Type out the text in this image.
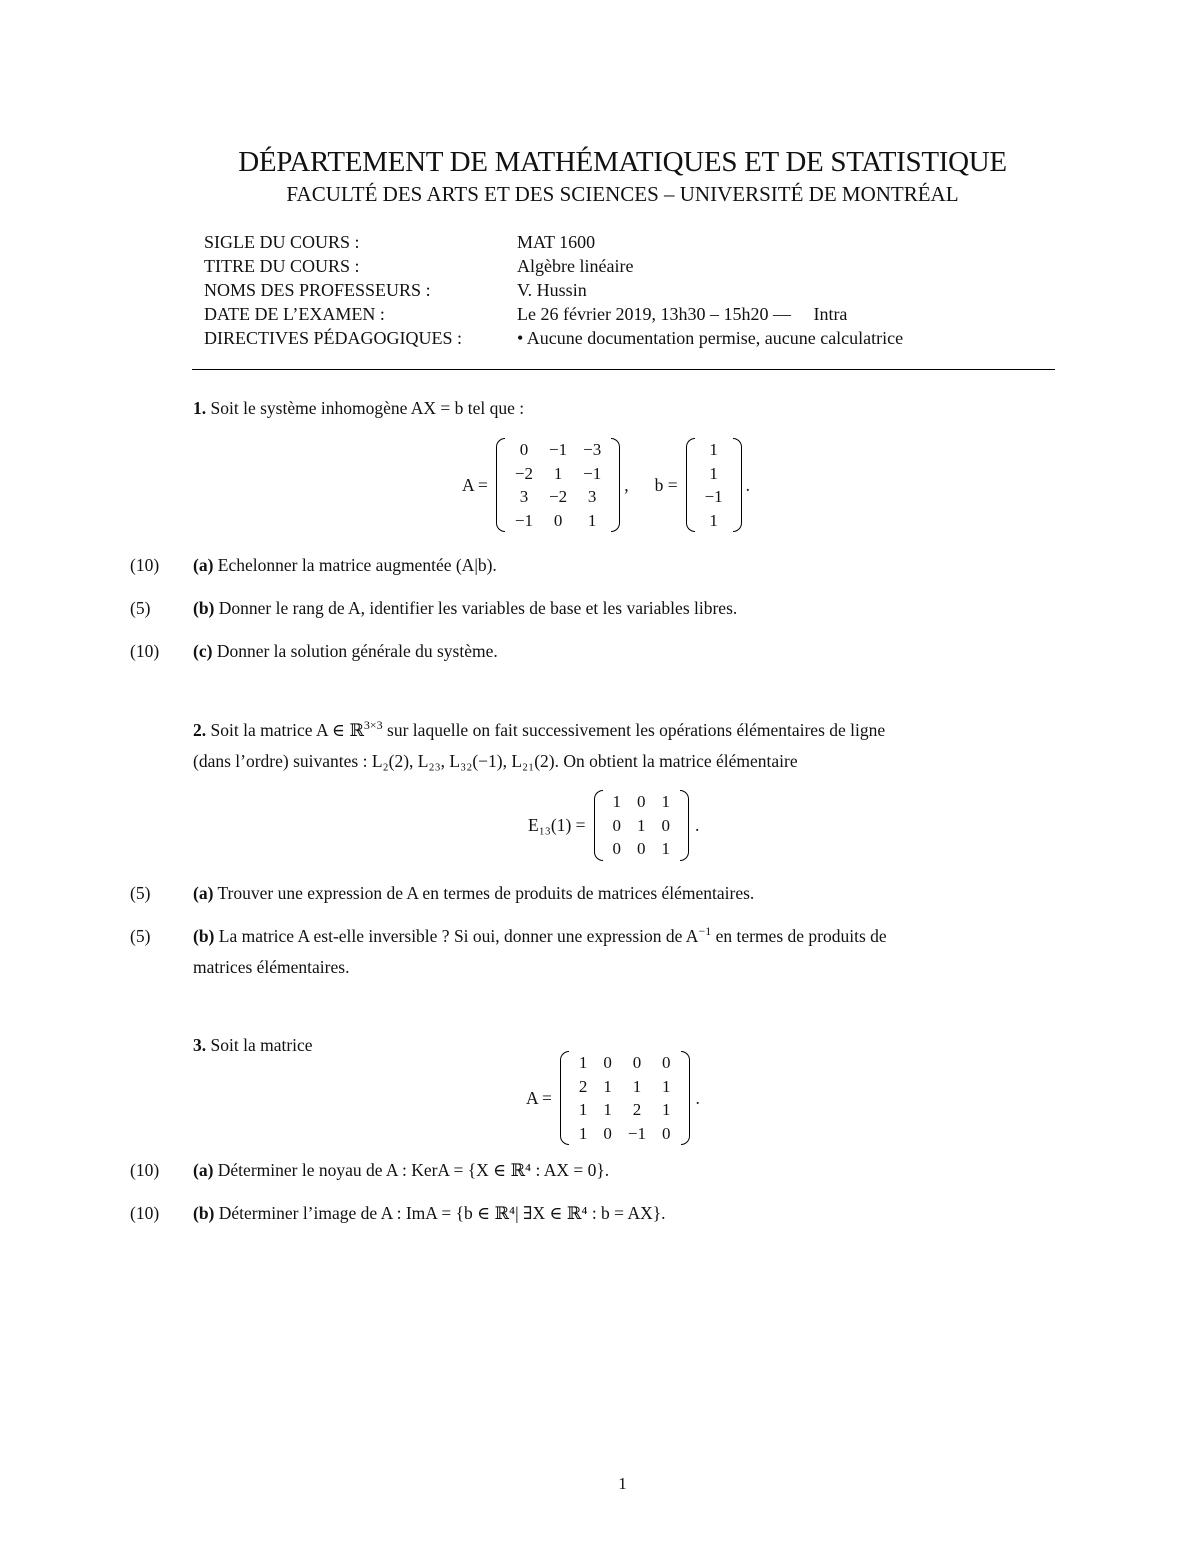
DÉPARTEMENT DE MATHÉMATIQUES ET DE STATISTIQUE
FACULTÉ DES ARTS ET DES SCIENCES – UNIVERSITÉ DE MONTRÉAL
SIGLE DU COURS :	MAT 1600
TITRE DU COURS :	Algèbre linéaire
NOMS DES PROFESSEURS :	V. Hussin
DATE DE L’EXAMEN :	Le 26 février 2019, 13h30 – 15h20 —     Intra
DIRECTIVES PÉDAGOGIQUES :	• Aucune documentation permise, aucune calculatrice
1. Soit le système inhomogène AX = b tel que :
A =
0	−1	−3
−2	1	−1
3	−2	3
−1	0	1
, b =
1
1
−1
1
.
(10)	(a) Echelonner la matrice augmentée (A|b).
(5)	(b) Donner le rang de A, identifier les variables de base et les variables libres.
(10)	(c) Donner la solution générale du système.
2. Soit la matrice A ∈ ℝ$^{3\times 3}$ sur laquelle on fait successivement les opérations élémentaires de ligne
(dans l’ordre) suivantes : L₂(2), L₂₃, L₃₂(−1), L₂₁(2). On obtient la matrice élémentaire
E₁₃(1) =
1	0	1
0	1	0
0	0	1
.
(5)	(a) Trouver une expression de A en termes de produits de matrices élémentaires.
(5)	(b) La matrice A est-elle inversible ? Si oui, donner une expression de $A^{-1}$ en termes de produits de
matrices élémentaires.
3. Soit la matrice
A =
1	0	0	0
2	1	1	1
1	1	2	1
1	0	−1	0
.
(10)	(a) Déterminer le noyau de A : KerA = {X ∈ ℝ⁴ : AX = 0}.
(10)	(b) Déterminer l’image de A : ImA = {b ∈ ℝ⁴| ∃X ∈ ℝ⁴ : b = AX}.
1
